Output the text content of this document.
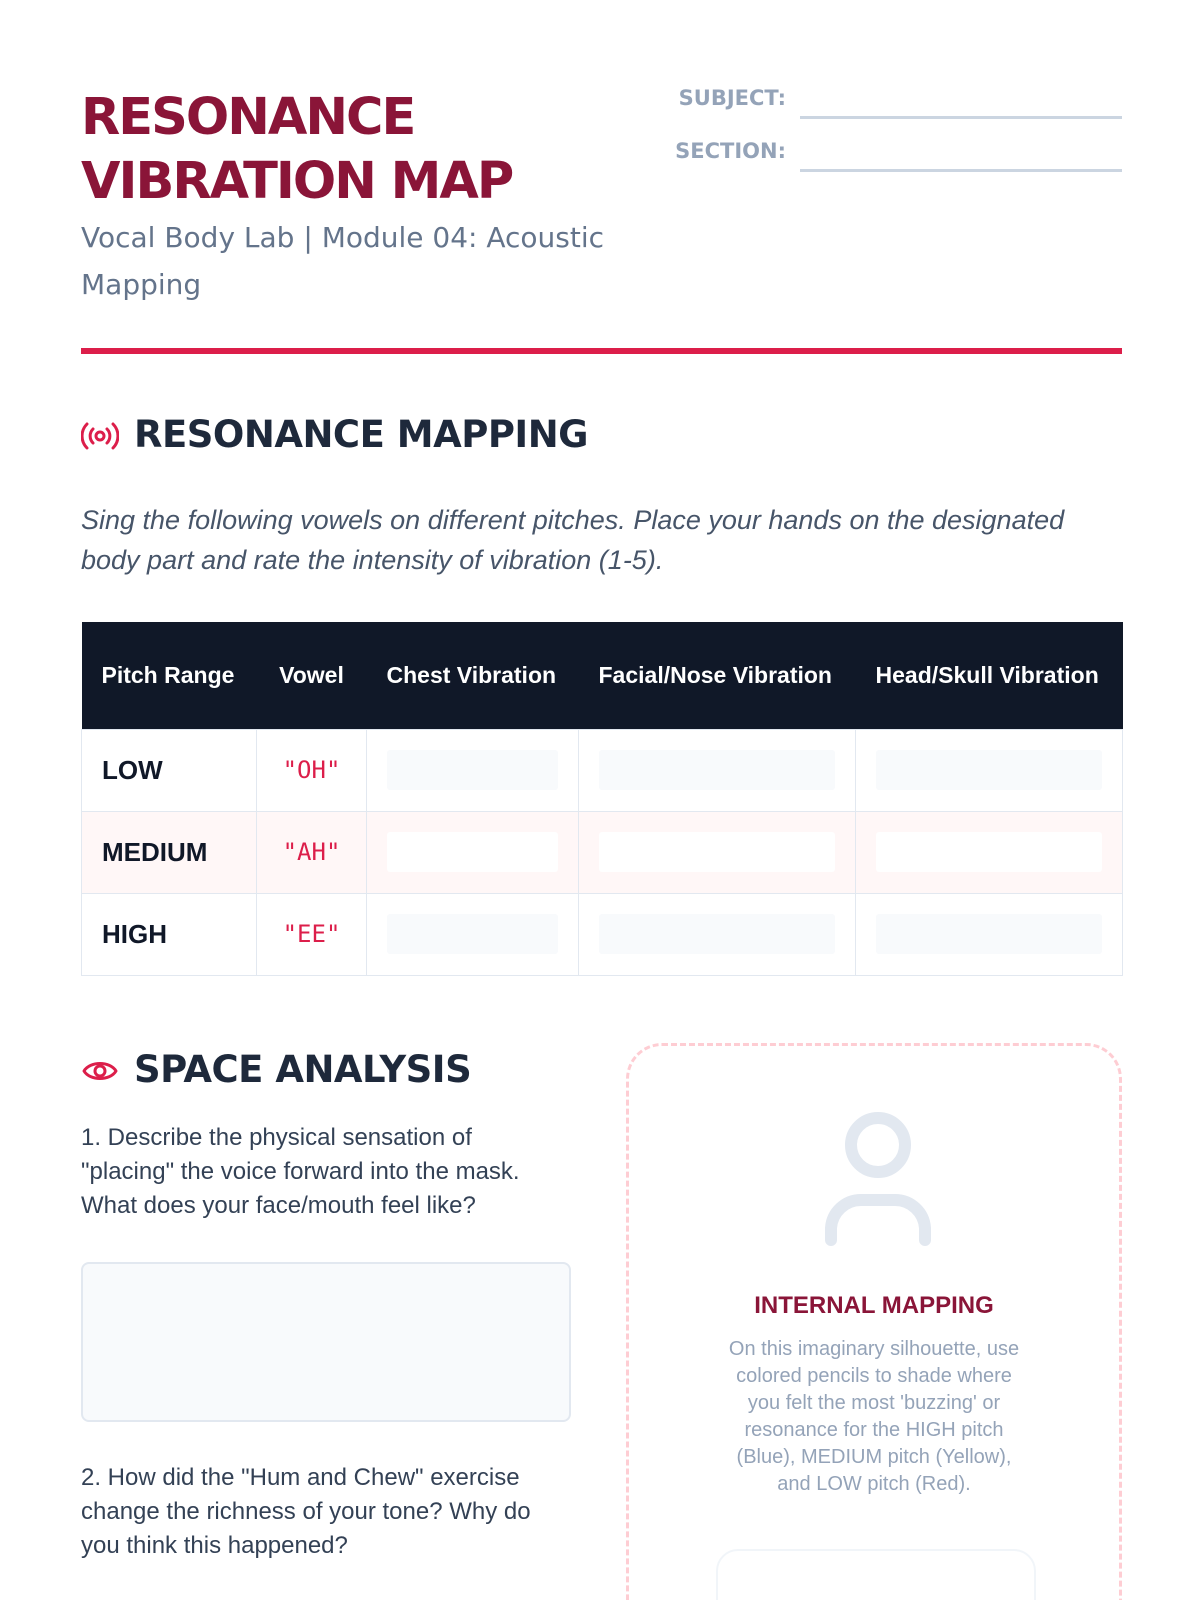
RESONANCE
VIBRATION MAP
Vocal Body Lab | Module 04: Acoustic Mapping
SUBJECT:
SECTION:
RESONANCE MAPPING

Sing the following vowels on different pitches. Place your hands on the designated body part and rate the intensity of vibration (1-5).

Pitch Range	Vowel	Chest Vibration	Facial/Nose Vibration	Head/Skull Vibration
LOW	"OH"	

MEDIUM	"AH"	

HIGH	"EE"	

SPACE ANALYSIS

1. Describe the physical sensation of "placing" the voice forward into the mask. What does your face/mouth feel like?

2. How did the "Hum and Chew" exercise change the richness of your tone? Why do you think this happened?

INTERNAL MAPPING

On this imaginary silhouette, use colored pencils to shade where you felt the most 'buzzing' or resonance for the HIGH pitch (Blue), MEDIUM pitch (Yellow), and LOW pitch (Red).
